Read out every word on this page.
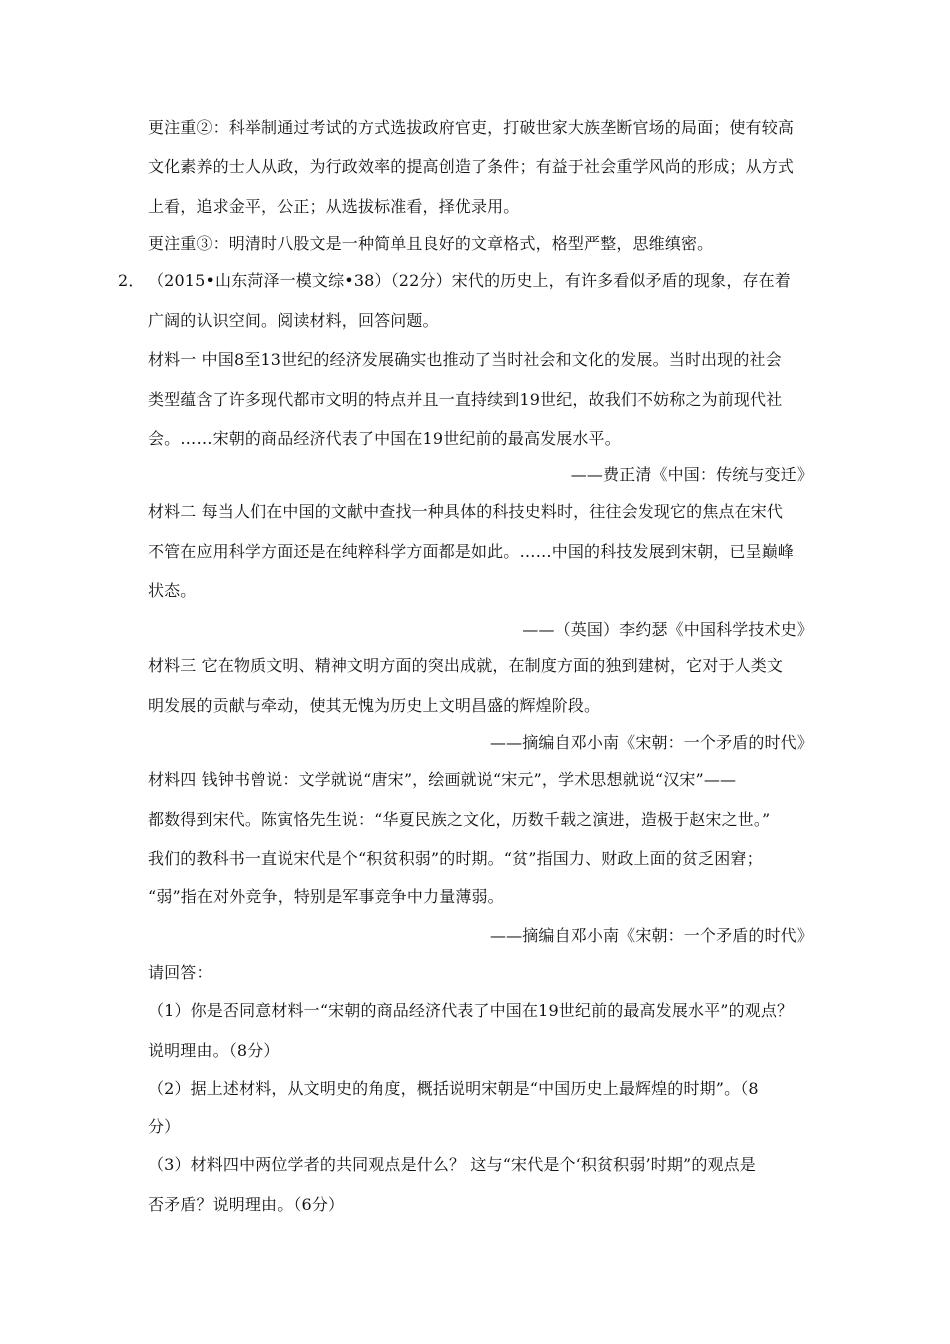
更注重②：科举制通过考试的方式选拔政府官吏，打破世家大族垄断官场的局面；使有较高
文化素养的士人从政，为行政效率的提高创造了条件；有益于社会重学风尚的形成；从方式
上看，追求金平，公正；从选拔标准看，择优录用。
更注重③：明清时八股文是一种简单且良好的文章格式，格型严整，思维缜密。
2． （2015•山东菏泽一模文综•38）（22分）宋代的历史上，有许多看似矛盾的现象，存在着
广阔的认识空间。阅读材料，回答问题。
材料一 中国8至13世纪的经济发展确实也推动了当时社会和文化的发展。当时出现的社会
类型蕴含了许多现代都市文明的特点并且一直持续到19世纪，故我们不妨称之为前现代社
会。……宋朝的商品经济代表了中国在19世纪前的最高发展水平。
——费正清《中国：传统与变迁》
材料二 每当人们在中国的文献中查找一种具体的科技史料时，往往会发现它的焦点在宋代
不管在应用科学方面还是在纯粹科学方面都是如此。……中国的科技发展到宋朝，已呈巅峰
状态。
——（英国）李约瑟《中国科学技术史》
材料三 它在物质文明、精神文明方面的突出成就，在制度方面的独到建树，它对于人类文
明发展的贡献与牵动，使其无愧为历史上文明昌盛的辉煌阶段。
——摘编自邓小南《宋朝：一个矛盾的时代》
材料四 钱钟书曾说：文学就说“唐宋”，绘画就说“宋元”，学术思想就说“汉宋”——
都数得到宋代。陈寅恪先生说：“华夏民族之文化，历数千载之演进，造极于赵宋之世。”
我们的教科书一直说宋代是个“积贫积弱”的时期。“贫”指国力、财政上面的贫乏困窘；
“弱”指在对外竞争，特别是军事竞争中力量薄弱。
——摘编自邓小南《宋朝：一个矛盾的时代》
请回答：
（1）你是否同意材料一“宋朝的商品经济代表了中国在19世纪前的最高发展水平”的观点？
说明理由。（8分）
（2）据上述材料，从文明史的角度，概括说明宋朝是“中国历史上最辉煌的时期”。（8
分）
（3）材料四中两位学者的共同观点是什么？ 这与“宋代是个‘积贫积弱’时期”的观点是
否矛盾？说明理由。（6分）
